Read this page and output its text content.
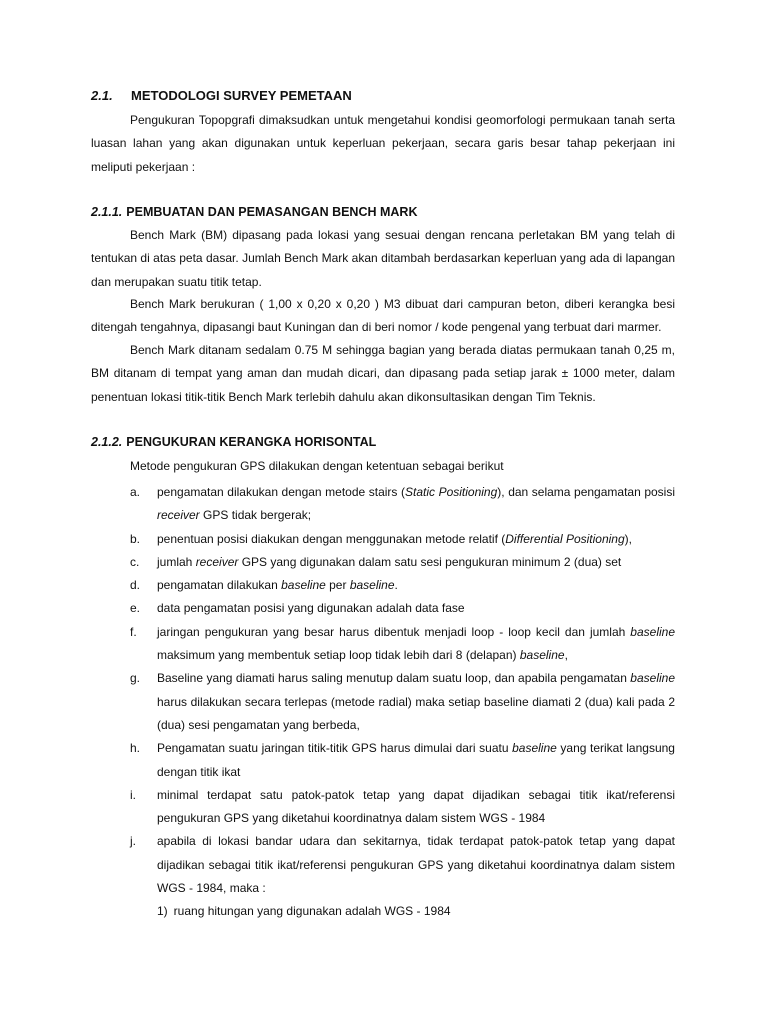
2.1. METODOLOGI SURVEY PEMETAAN

Pengukuran Topopgrafi dimaksudkan untuk mengetahui kondisi geomorfologi permukaan tanah serta luasan lahan yang akan digunakan untuk keperluan pekerjaan, secara garis besar tahap pekerjaan ini meliputi pekerjaan :

2.1.1. PEMBUATAN DAN PEMASANGAN BENCH MARK

Bench Mark (BM) dipasang pada lokasi yang sesuai dengan rencana perletakan BM yang telah di tentukan di atas peta dasar. Jumlah Bench Mark akan ditambah berdasarkan keperluan yang ada di lapangan dan merupakan suatu titik tetap.

Bench Mark berukuran ( 1,00 x 0,20 x 0,20 ) M3 dibuat dari campuran beton, diberi kerangka besi ditengah tengahnya, dipasangi baut Kuningan dan di beri nomor / kode pengenal yang terbuat dari marmer.

Bench Mark ditanam sedalam 0.75 M sehingga bagian yang berada diatas permukaan tanah 0,25 m, BM ditanam di tempat yang aman dan mudah dicari, dan dipasang pada setiap jarak ± 1000 meter, dalam penentuan lokasi titik-titik Bench Mark terlebih dahulu akan dikonsultasikan dengan Tim Teknis.

2.1.2. PENGUKURAN KERANGKA HORISONTAL

Metode pengukuran GPS dilakukan dengan ketentuan sebagai berikut

a. pengamatan dilakukan dengan metode stairs (Static Positioning), dan selama pengamatan posisi receiver GPS tidak bergerak;
b. penentuan posisi diakukan dengan menggunakan metode relatif (Differential Positioning),
c. jumlah receiver GPS yang digunakan dalam satu sesi pengukuran minimum 2 (dua) set
d. pengamatan dilakukan baseline per baseline.
e. data pengamatan posisi yang digunakan adalah data fase
f. jaringan pengukuran yang besar harus dibentuk menjadi loop - loop kecil dan jumlah baseline maksimum yang membentuk setiap loop tidak lebih dari 8 (delapan) baseline,
g. Baseline yang diamati harus saling menutup dalam suatu loop, dan apabila pengamatan baseline harus dilakukan secara terlepas (metode radial) maka setiap baseline diamati 2 (dua) kali pada 2 (dua) sesi pengamatan yang berbeda,
h. Pengamatan suatu jaringan titik-titik GPS harus dimulai dari suatu baseline yang terikat langsung dengan titik ikat
i. minimal terdapat satu patok-patok tetap yang dapat dijadikan sebagai titik ikat/referensi pengukuran GPS yang diketahui koordinatnya dalam sistem WGS - 1984
j. apabila di lokasi bandar udara dan sekitarnya, tidak terdapat patok-patok tetap yang dapat dijadikan sebagai titik ikat/referensi pengukuran GPS yang diketahui koordinatnya dalam sistem WGS - 1984, maka :
1) ruang hitungan yang digunakan adalah WGS - 1984
